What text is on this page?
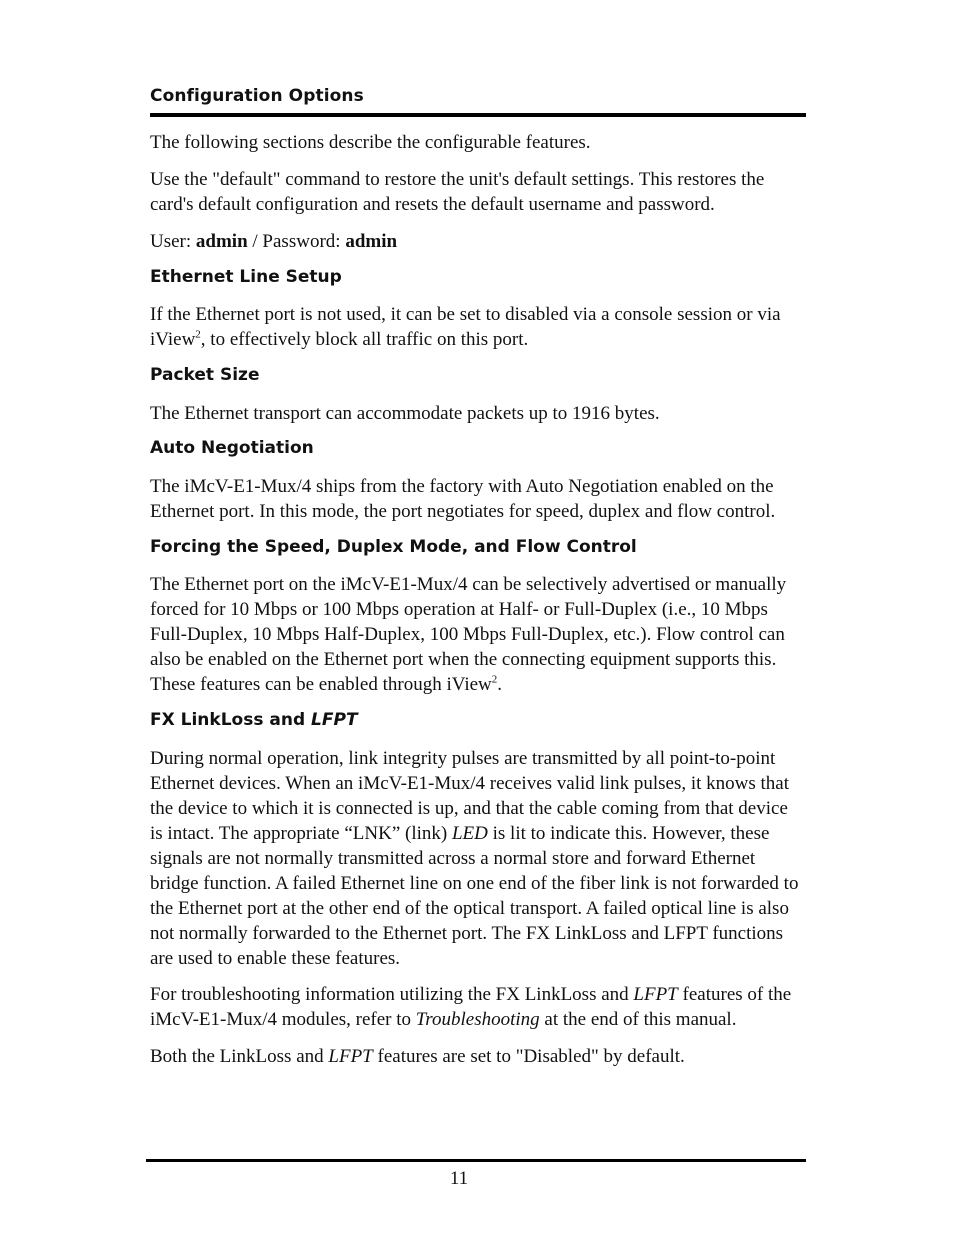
Configuration Options
The following sections describe the configurable features.
Use the "default" command to restore the unit's default settings. This restores the card's default configuration and resets the default username and password.
User: admin / Password: admin
Ethernet Line Setup
If the Ethernet port is not used, it can be set to disabled via a console session or via iView$^2$, to effectively block all traffic on this port.
Packet Size
The Ethernet transport can accommodate packets up to 1916 bytes.
Auto Negotiation
The iMcV-E1-Mux/4 ships from the factory with Auto Negotiation enabled on the Ethernet port. In this mode, the port negotiates for speed, duplex and flow control.
Forcing the Speed, Duplex Mode, and Flow Control
The Ethernet port on the iMcV-E1-Mux/4 can be selectively advertised or manually forced for 10 Mbps or 100 Mbps operation at Half- or Full-Duplex (i.e., 10 Mbps Full-Duplex, 10 Mbps Half-Duplex, 100 Mbps Full-Duplex, etc.). Flow control can also be enabled on the Ethernet port when the connecting equipment supports this. These features can be enabled through iView$^2$.
FX LinkLoss and LFPT
During normal operation, link integrity pulses are transmitted by all point-to-point Ethernet devices. When an iMcV-E1-Mux/4 receives valid link pulses, it knows that the device to which it is connected is up, and that the cable coming from that device is intact. The appropriate “LNK” (link) LED is lit to indicate this. However, these signals are not normally transmitted across a normal store and forward Ethernet bridge function. A failed Ethernet line on one end of the fiber link is not forwarded to the Ethernet port at the other end of the optical transport. A failed optical line is also not normally forwarded to the Ethernet port. The FX LinkLoss and LFPT functions are used to enable these features.
For troubleshooting information utilizing the FX LinkLoss and LFPT features of the iMcV-E1-Mux/4 modules, refer to Troubleshooting at the end of this manual.
Both the LinkLoss and LFPT features are set to "Disabled" by default.
11
